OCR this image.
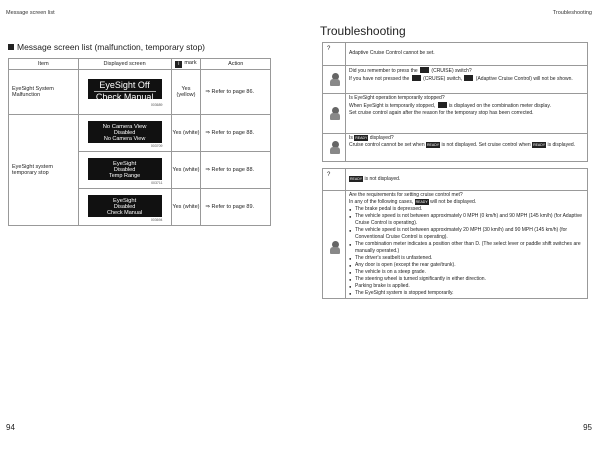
Message screen list
Message screen list (malfunction, temporary stop)
Item	Displayed screen	i mark	Action
EyeSight System Malfunction	EyeSight Off
Check Manual
003689	Yes (yellow)	⇒ Refer to page 86.
EyeSight system temporary stop	No Camera View
Disabled
No Camera View
003709	Yes (white)	⇒ Refer to page 88.

	EyeSight
Disabled
Temp Range
003711	Yes (white)	⇒ Refer to page 88.

	EyeSight
Disabled
Check Manual
003694	Yes (white)	⇒ Refer to page 89.
94
Troubleshooting
Troubleshooting
?
Adaptive Cruise Control cannot be set.
Did you remember to press the	(CRUISE) switch?
If you have not pressed the	(CRUISE) switch,	(Adaptive Cruise Control) will not be shown.
Is EyeSight operation temporarily stopped?
When EyeSight is temporarily stopped,	is displayed on the combination meter display.
Set cruise control again after the reason for the temporary stop has been corrected.
Is READY displayed?
Cruise control cannot be set when READY is not displayed. Set cruise control when READY is displayed.
?
READY is not displayed.
Are the requirements for setting cruise control met?
In any of the following cases, READY will not be displayed.
● The brake pedal is depressed.
● The vehicle speed is not between approximately 0 MPH (0 km/h) and 90 MPH (145 km/h) (for Adaptive Cruise Control is operating).
● The vehicle speed is not between approximately 20 MPH (30 km/h) and 90 MPH (145 km/h) (for Conventional Cruise Control is operating).
● The combination meter indicates a position other than D. (The select lever or paddle shift switches are manually operated.)
● The driver's seatbelt is unfastened.
● Any door is open (except the rear gate/trunk).
● The vehicle is on a steep grade.
● The steering wheel is turned significantly in either direction.
● Parking brake is applied.
● The EyeSight system is stopped temporarily.
95
